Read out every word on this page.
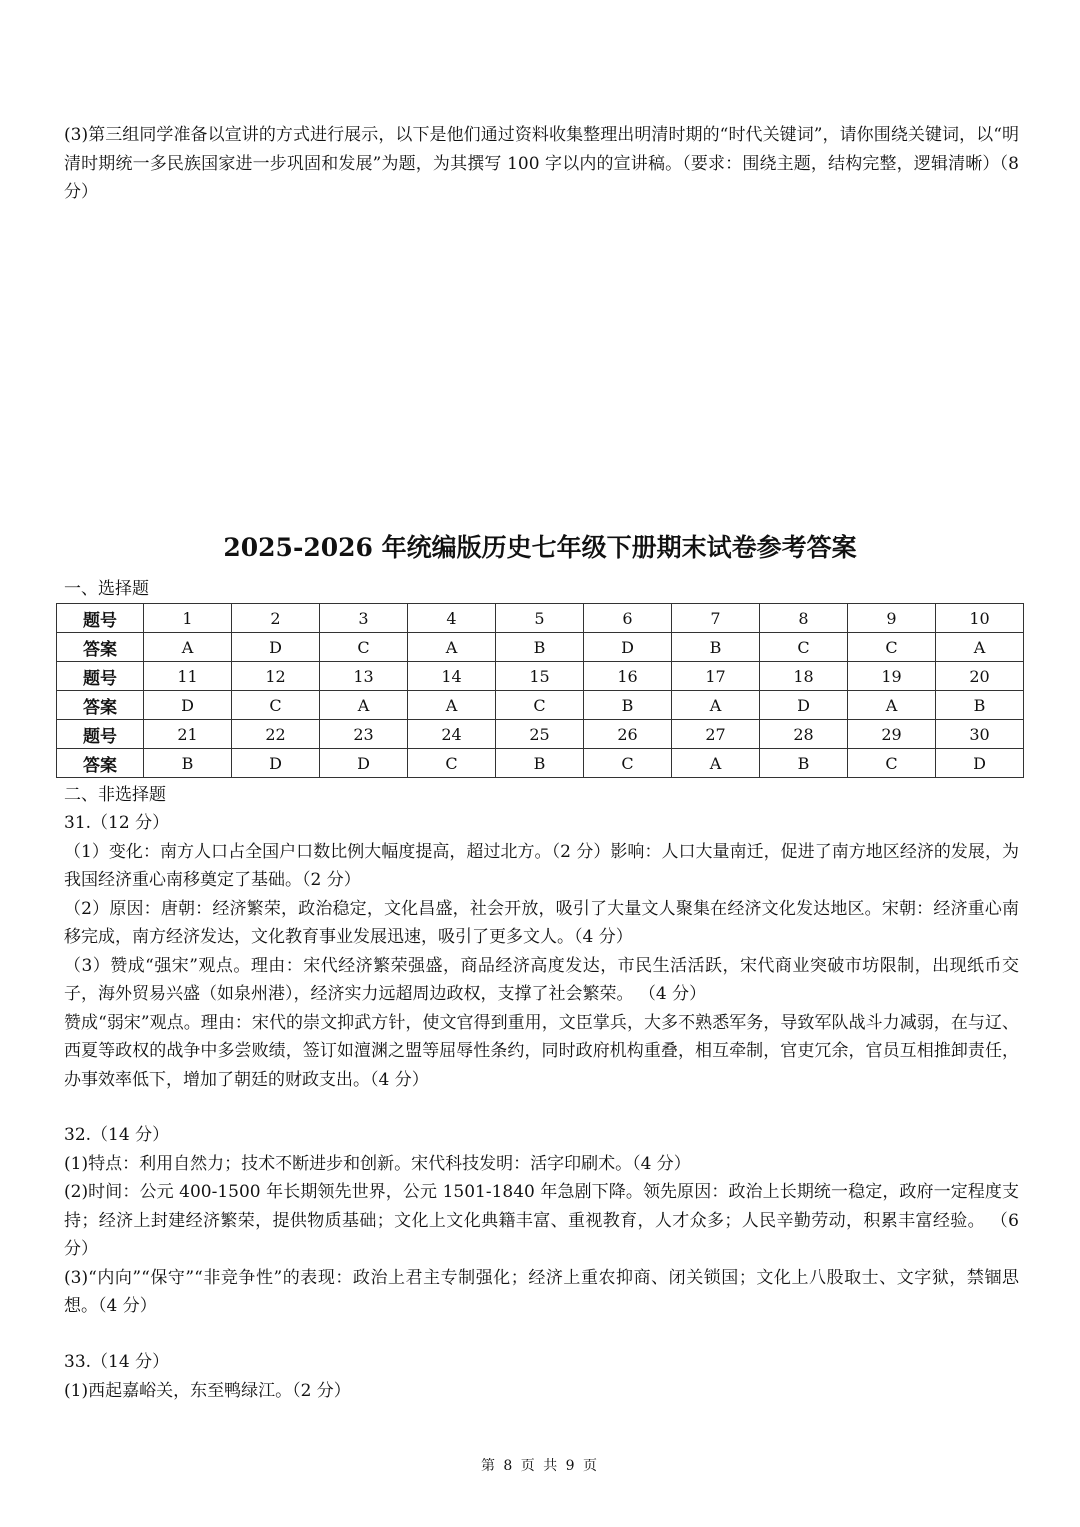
(3)第三组同学准备以宣讲的方式进行展示，以下是他们通过资料收集整理出明清时期的“时代关键词”，请你围绕关键词，以“明清时期统一多民族国家进一步巩固和发展”为题，为其撰写 100 字以内的宣讲稿。（要求：围绕主题，结构完整，逻辑清晰）（8 分）

2025-2026 年统编版历史七年级下册期末试卷参考答案
一、选择题
题号	1	2	3	4	5	6	7	8	9	10
答案	A	D	C	A	B	D	B	C	C	A
题号	11	12	13	14	15	16	17	18	19	20
答案	D	C	A	A	C	B	A	D	A	B
题号	21	22	23	24	25	26	27	28	29	30
答案	B	D	D	C	B	C	A	B	C	D
二、非选择题

31.（12 分）

（1）变化：南方人口占全国户口数比例大幅度提高，超过北方。（2 分）影响：人口大量南迁，促进了南方地区经济的发展，为我国经济重心南移奠定了基础。（2 分）

（2）原因：唐朝：经济繁荣，政治稳定，文化昌盛，社会开放，吸引了大量文人聚集在经济文化发达地区。宋朝：经济重心南移完成，南方经济发达，文化教育事业发展迅速，吸引了更多文人。（4 分）

（3）赞成“强宋”观点。理由：宋代经济繁荣强盛，商品经济高度发达，市民生活活跃，宋代商业突破市坊限制，出现纸币交子，海外贸易兴盛（如泉州港），经济实力远超周边政权，支撑了社会繁荣。 （4 分）

赞成“弱宋”观点。理由：宋代的崇文抑武方针，使文官得到重用，文臣掌兵，大多不熟悉军务，导致军队战斗力减弱，在与辽、西夏等政权的战争中多尝败绩，签订如澶渊之盟等屈辱性条约，同时政府机构重叠，相互牵制，官吏冗余，官员互相推卸责任，办事效率低下，增加了朝廷的财政支出。（4 分）

32.（14 分）

(1)特点：利用自然力；技术不断进步和创新。宋代科技发明：活字印刷术。（4 分）

(2)时间：公元 400-1500 年长期领先世界，公元 1501-1840 年急剧下降。领先原因：政治上长期统一稳定，政府一定程度支持；经济上封建经济繁荣，提供物质基础；文化上文化典籍丰富、重视教育，人才众多；人民辛勤劳动，积累丰富经验。 （6 分）

(3)“内向”“保守”“非竞争性”的表现：政治上君主专制强化；经济上重农抑商、闭关锁国；文化上八股取士、文字狱，禁锢思想。（4 分）

33.（14 分）

(1)西起嘉峪关，东至鸭绿江。（2 分）

第 8 页 共 9 页
